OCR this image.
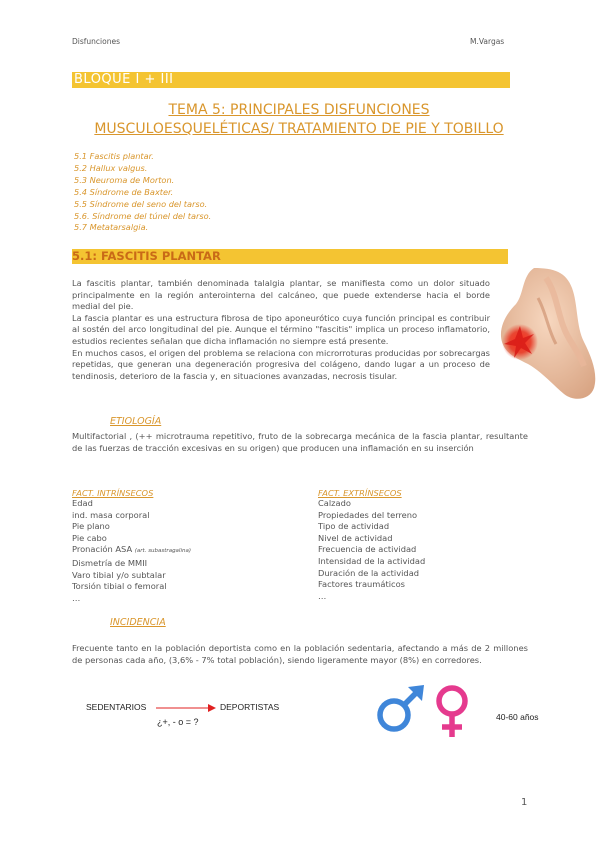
Disfunciones	M.Vargas
BLOQUE I + III
TEMA 5: PRINCIPALES DISFUNCIONES
MUSCULOESQUELÉTICAS/ TRATAMIENTO DE PIE Y TOBILLO
5.1 Fascitis plantar.
5.2 Hallux valgus.
5.3 Neuroma de Morton.
5.4 Síndrome de Baxter.
5.5 Síndrome del seno del tarso.
5.6. Síndrome del túnel del tarso.
5.7 Metatarsalgia.
5.1: FASCITIS PLANTAR
La fascitis plantar, también denominada talalgia plantar, se manifiesta como un dolor situado principalmente en la región anterointerna del calcáneo, que puede extenderse hacia el borde medial del pie.
La fascia plantar es una estructura fibrosa de tipo aponeurótico cuya función principal es contribuir al sostén del arco longitudinal del pie. Aunque el término "fascitis" implica un proceso inflamatorio, estudios recientes señalan que dicha inflamación no siempre está presente.
En muchos casos, el origen del problema se relaciona con microrroturas producidas por sobrecargas repetidas, que generan una degeneración progresiva del colágeno, dando lugar a un proceso de tendinosis, deterioro de la fascia y, en situaciones avanzadas, necrosis tisular.
ETIOLOGÍA
Multifactorial , (++ microtrauma repetitivo, fruto de la sobrecarga mecánica de la fascia plantar, resultante de las fuerzas de tracción excesivas en su origen) que producen una inflamación en su inserción
FACT. INTRÍNSECOS
Edad
ind. masa corporal
Pie plano
Pie cabo
Pronación ASA (art. subastragalina)
Dismetría de MMII
Varo tibial y/o subtalar
Torsión tibial o femoral
…
FACT. EXTRÍNSECOS
Calzado
Propiedades del terreno
Tipo de actividad
Nivel de actividad
Frecuencia de actividad
Intensidad de la actividad
Duración de la actividad
Factores traumáticos
…
INCIDENCIA
Frecuente tanto en la población deportista como en la población sedentaria, afectando a más de 2 millones de personas cada año, (3,6% - 7% total población), siendo ligeramente mayor (8%) en corredores.
SEDENTARIOS	DEPORTISTAS
¿+, - o = ?	40-60 años
1
